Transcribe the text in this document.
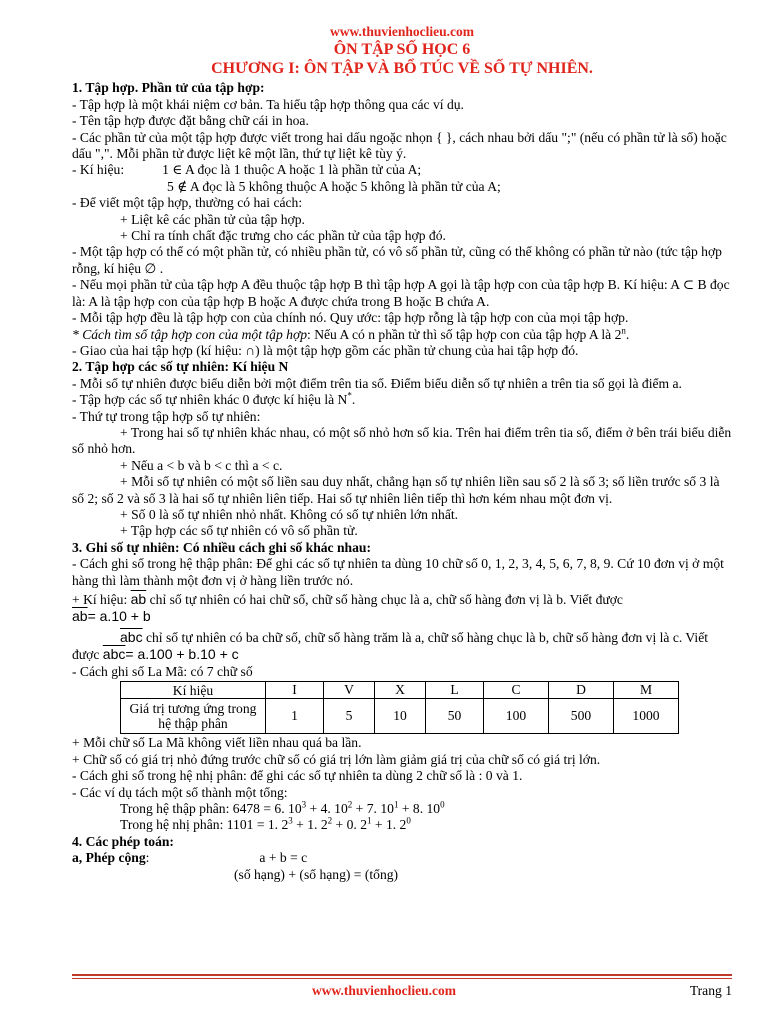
www.thuvienhoclieu.com
ÔN TẬP SỐ HỌC 6
CHƯƠNG I: ÔN TẬP VÀ BỔ TÚC VỀ SỐ TỰ NHIÊN.
1. Tập hợp. Phần tử của tập hợp:
- Tập hợp là một khái niệm cơ bản. Ta hiểu tập hợp thông qua các ví dụ.
- Tên tập hợp được đặt bằng chữ cái in hoa.
- Các phần tử của một tập hợp được viết trong hai dấu ngoặc nhọn { }, cách nhau bởi dấu ";" (nếu có phần tử là số) hoặc dấu ",". Mỗi phần tử được liệt kê một lần, thứ tự liệt kê tùy ý.
- Kí hiệu:	1 ∈ A đọc là 1 thuộc A hoặc 1 là phần tử của A;
5 ∉ A đọc là 5 không thuộc A hoặc 5 không là phần tử của A;
- Để viết một tập hợp, thường có hai cách:
+ Liệt kê các phần tử của tập hợp.
+ Chỉ ra tính chất đặc trưng cho các phần tử của tập hợp đó.
- Một tập hợp có thể có một phần tử, có nhiều phần tử, có vô số phần tử, cũng có thể không có phần tử nào (tức tập hợp rỗng, kí hiệu ∅ .
- Nếu mọi phần tử của tập hợp A đều thuộc tập hợp B thì tập hợp A gọi là tập hợp con của tập hợp B. Kí hiệu: A ⊂ B đọc là: A là tập hợp con của tập hợp B hoặc A được chứa trong B hoặc B chứa A.
- Mỗi tập hợp đều là tập hợp con của chính nó. Quy ước: tập hợp rỗng là tập hợp con của mọi tập hợp.
* Cách tìm số tập hợp con của một tập hợp: Nếu A có n phần tử thì số tập hợp con của tập hợp A là 2$^n$.
- Giao của hai tập hợp (kí hiệu: ∩) là một tập hợp gồm các phần tử chung của hai tập hợp đó.
2. Tập hợp các số tự nhiên: Kí hiệu N
- Mỗi số tự nhiên được biểu diễn bởi một điểm trên tia số. Điểm biểu diễn số tự nhiên a trên tia số gọi là điểm a.
- Tập hợp các số tự nhiên khác 0 được kí hiệu là N*.
- Thứ tự trong tập hợp số tự nhiên:
+ Trong hai số tự nhiên khác nhau, có một số nhỏ hơn số kia. Trên hai điểm trên tia số, điểm ở bên trái biểu diễn số nhỏ hơn.
+ Nếu a < b và b < c thì a < c.
+ Mỗi số tự nhiên có một số liền sau duy nhất, chẳng hạn số tự nhiên liền sau số 2 là số 3; số liền trước số 3 là số 2; số 2 và số 3 là hai số tự nhiên liên tiếp. Hai số tự nhiên liên tiếp thì hơn kém nhau một đơn vị.
+ Số 0 là số tự nhiên nhỏ nhất. Không có số tự nhiên lớn nhất.
+ Tập hợp các số tự nhiên có vô số phần tử.
3. Ghi số tự nhiên: Có nhiều cách ghi số khác nhau:
- Cách ghi số trong hệ thập phân: Để ghi các số tự nhiên ta dùng 10 chữ số 0, 1, 2, 3, 4, 5, 6, 7, 8, 9. Cứ 10 đơn vị ở một hàng thì làm thành một đơn vị ở hàng liền trước nó.
+ Kí hiệu: $\overline{ab}$ chỉ số tự nhiên có hai chữ số, chữ số hàng chục là a, chữ số hàng đơn vị là b. Viết được
$\overline{ab}= a.10 + b$
$\overline{abc}$ chỉ số tự nhiên có ba chữ số, chữ số hàng trăm là a, chữ số hàng chục là b, chữ số hàng đơn vị là c. Viết được $\overline{abc}= a.100 + b.10 + c$
- Cách ghi số La Mã: có 7 chữ số
Kí hiệu	I	V	X	L	C	D	M
Giá trị tương ứng trong hệ thập phân	1	5	10	50	100	500	1000
+ Mỗi chữ số La Mã không viết liền nhau quá ba lần.
+ Chữ số có giá trị nhỏ đứng trước chữ số có giá trị lớn làm giảm giá trị của chữ số có giá trị lớn.
- Cách ghi số trong hệ nhị phân: để ghi các số tự nhiên ta dùng 2 chữ số là : 0 và 1.
- Các ví dụ tách một số thành một tổng:
Trong hệ thập phân: 6478 = 6. $10^3 + 4$. $10^2 + 7$. $10^1 + 8$. $10^0$
Trong hệ nhị phân: 1101 = 1. $2^3 + 1$. $2^2 + 0$. $2^1 + 1$. $2^0$
4. Các phép toán:
a, Phép cộng:	a + b = c
(số hạng) + (số hạng) = (tổng)
www.thuvienhoclieu.com	Trang 1
